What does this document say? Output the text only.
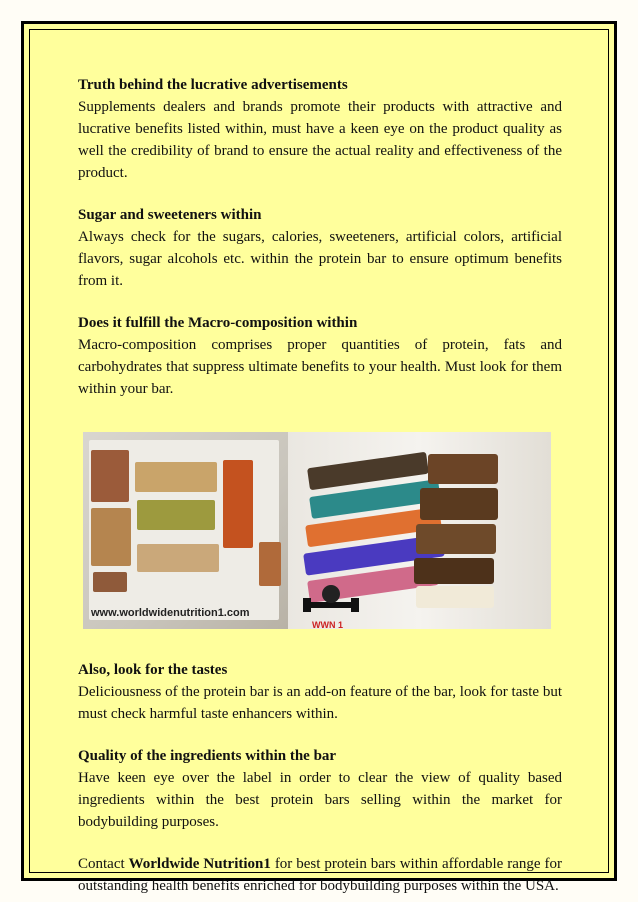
Truth behind the lucrative advertisements

Supplements dealers and brands promote their products with attractive and lucrative benefits listed within, must have a keen eye on the product quality as well the credibility of brand to ensure the actual reality and effectiveness of the product.

Sugar and sweeteners within

Always check for the sugars, calories, sweeteners, artificial colors, artificial flavors, sugar alcohols etc. within the protein bar to ensure optimum benefits from it.

Does it fulfill the Macro-composition within

Macro-composition comprises proper quantities of protein, fats and carbohydrates that suppress ultimate benefits to your health. Must look for them within your bar.

www.worldwidenutrition1.com
WWN 1

Also, look for the tastes

Deliciousness of the protein bar is an add-on feature of the bar, look for taste but must check harmful taste enhancers within.

Quality of the ingredients within the bar

Have keen eye over the label in order to clear the view of quality based ingredients within the best protein bars selling within the market for bodybuilding purposes.

Contact Worldwide Nutrition1 for best protein bars within affordable range for outstanding health benefits enriched for bodybuilding purposes within the USA.
